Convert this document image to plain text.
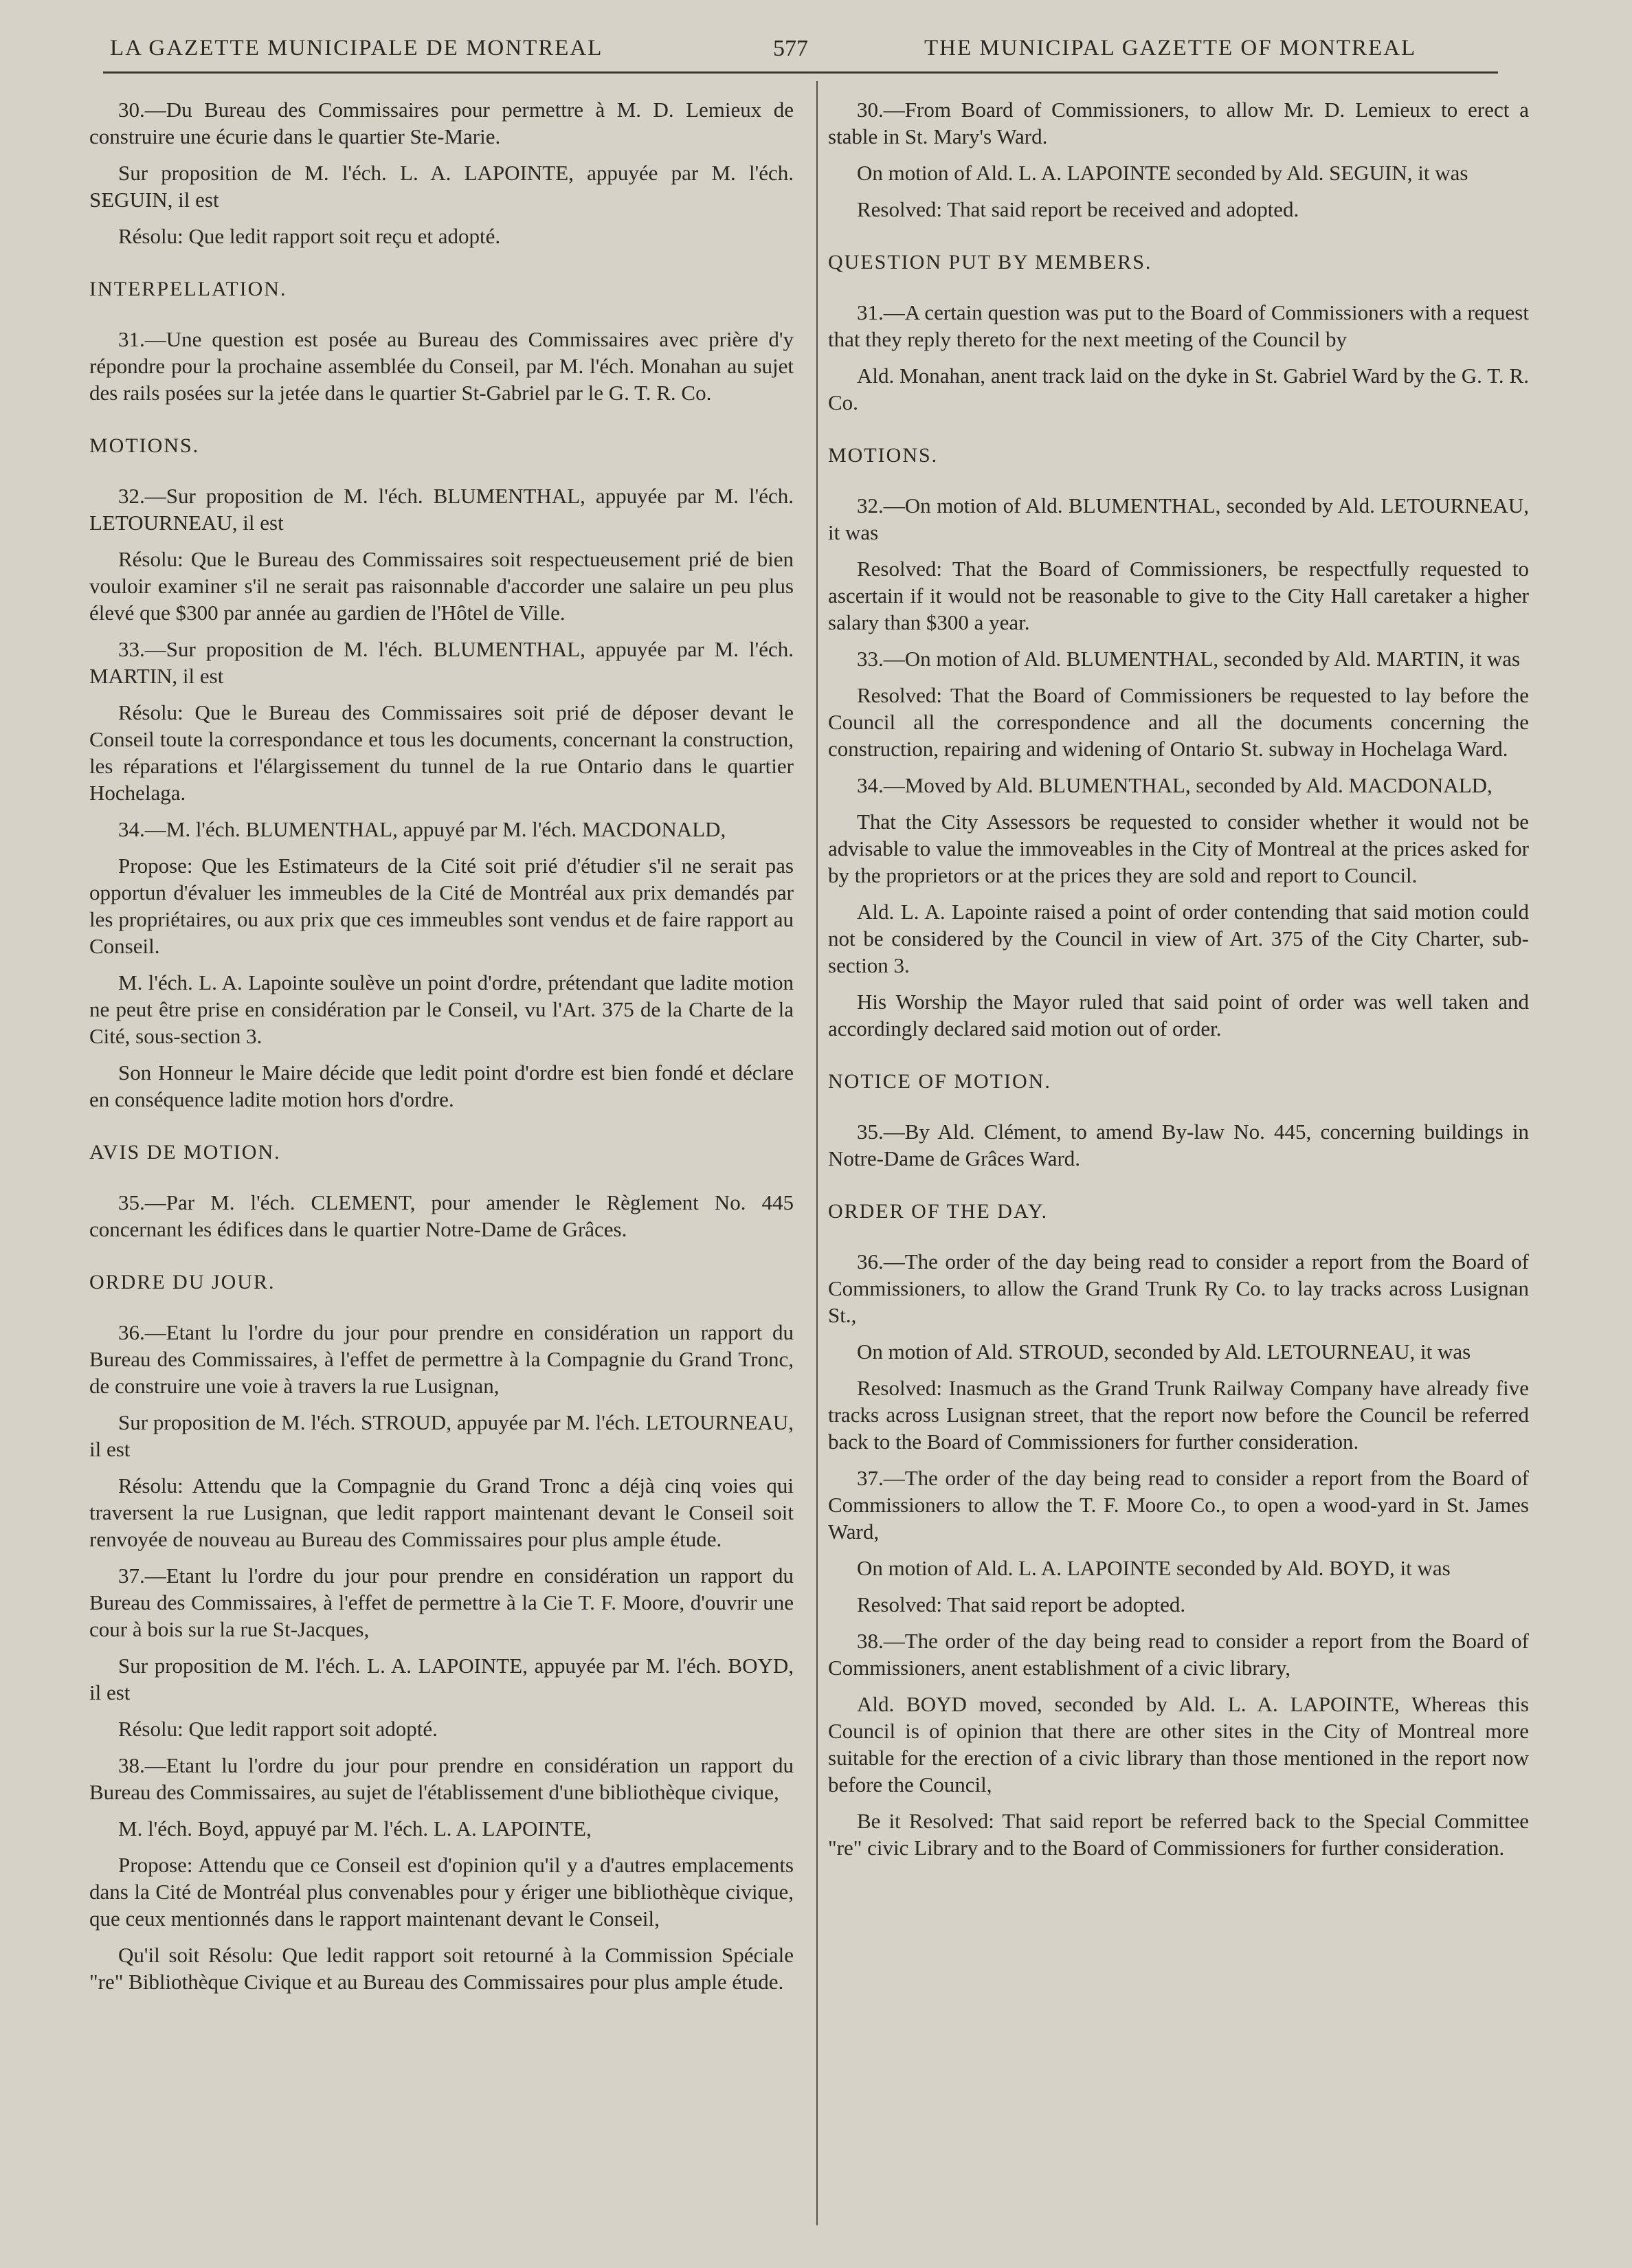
LA GAZETTE MUNICIPALE DE MONTREAL	577	THE MUNICIPAL GAZETTE OF MONTREAL
30.—Du Bureau des Commissaires pour permettre à M. D. Lemieux de construire une écurie dans le quartier Ste-Marie.
Sur proposition de M. l'éch. L. A. LAPOINTE, appuyée par M. l'éch. SEGUIN, il est
Résolu: Que ledit rapport soit reçu et adopté.
INTERPELLATION.
31.—Une question est posée au Bureau des Commissaires avec prière d'y répondre pour la prochaine assemblée du Conseil, par M. l'éch. Monahan au sujet des rails posées sur la jetée dans le quartier St-Gabriel par le G. T. R. Co.
MOTIONS.
32.—Sur proposition de M. l'éch. BLUMENTHAL, appuyée par M. l'éch. LETOURNEAU, il est
Résolu: Que le Bureau des Commissaires soit respectueusement prié de bien vouloir examiner s'il ne serait pas raisonnable d'accorder une salaire un peu plus élevé que $300 par année au gardien de l'Hôtel de Ville.
33.—Sur proposition de M. l'éch. BLUMENTHAL, appuyée par M. l'éch. MARTIN, il est
Résolu: Que le Bureau des Commissaires soit prié de déposer devant le Conseil toute la correspondance et tous les documents, concernant la construction, les réparations et l'élargissement du tunnel de la rue Ontario dans le quartier Hochelaga.
34.—M. l'éch. BLUMENTHAL, appuyé par M. l'éch. MACDONALD,
Propose: Que les Estimateurs de la Cité soit prié d'étudier s'il ne serait pas opportun d'évaluer les immeubles de la Cité de Montréal aux prix demandés par les propriétaires, ou aux prix que ces immeubles sont vendus et de faire rapport au Conseil.
M. l'éch. L. A. Lapointe soulève un point d'ordre, prétendant que ladite motion ne peut être prise en considération par le Conseil, vu l'Art. 375 de la Charte de la Cité, sous-section 3.
Son Honneur le Maire décide que ledit point d'ordre est bien fondé et déclare en conséquence ladite motion hors d'ordre.
AVIS DE MOTION.
35.—Par M. l'éch. CLEMENT, pour amender le Règlement No. 445 concernant les édifices dans le quartier Notre-Dame de Grâces.
ORDRE DU JOUR.
36.—Etant lu l'ordre du jour pour prendre en considération un rapport du Bureau des Commissaires, à l'effet de permettre à la Compagnie du Grand Tronc, de construire une voie à travers la rue Lusignan,
Sur proposition de M. l'éch. STROUD, appuyée par M. l'éch. LETOURNEAU, il est
Résolu: Attendu que la Compagnie du Grand Tronc a déjà cinq voies qui traversent la rue Lusignan, que ledit rapport maintenant devant le Conseil soit renvoyée de nouveau au Bureau des Commissaires pour plus ample étude.
37.—Etant lu l'ordre du jour pour prendre en considération un rapport du Bureau des Commissaires, à l'effet de permettre à la Cie T. F. Moore, d'ouvrir une cour à bois sur la rue St-Jacques,
Sur proposition de M. l'éch. L. A. LAPOINTE, appuyée par M. l'éch. BOYD, il est
Résolu: Que ledit rapport soit adopté.
38.—Etant lu l'ordre du jour pour prendre en considération un rapport du Bureau des Commissaires, au sujet de l'établissement d'une bibliothèque civique,
M. l'éch. Boyd, appuyé par M. l'éch. L. A. LAPOINTE,
Propose: Attendu que ce Conseil est d'opinion qu'il y a d'autres emplacements dans la Cité de Montréal plus convenables pour y ériger une bibliothèque civique, que ceux mentionnés dans le rapport maintenant devant le Conseil,
Qu'il soit Résolu: Que ledit rapport soit retourné à la Commission Spéciale "re" Bibliothèque Civique et au Bureau des Commissaires pour plus ample étude.
30.—From Board of Commissioners, to allow Mr. D. Lemieux to erect a stable in St. Mary's Ward.
On motion of Ald. L. A. LAPOINTE seconded by Ald. SEGUIN, it was
Resolved: That said report be received and adopted.
QUESTION PUT BY MEMBERS.
31.—A certain question was put to the Board of Commissioners with a request that they reply thereto for the next meeting of the Council by
Ald. Monahan, anent track laid on the dyke in St. Gabriel Ward by the G. T. R. Co.
MOTIONS.
32.—On motion of Ald. BLUMENTHAL, seconded by Ald. LETOURNEAU, it was
Resolved: That the Board of Commissioners, be respectfully requested to ascertain if it would not be reasonable to give to the City Hall caretaker a higher salary than $300 a year.
33.—On motion of Ald. BLUMENTHAL, seconded by Ald. MARTIN, it was
Resolved: That the Board of Commissioners be requested to lay before the Council all the correspondence and all the documents concerning the construction, repairing and widening of Ontario St. subway in Hochelaga Ward.
34.—Moved by Ald. BLUMENTHAL, seconded by Ald. MACDONALD,
That the City Assessors be requested to consider whether it would not be advisable to value the immoveables in the City of Montreal at the prices asked for by the proprietors or at the prices they are sold and report to Council.
Ald. L. A. Lapointe raised a point of order contending that said motion could not be considered by the Council in view of Art. 375 of the City Charter, sub-section 3.
His Worship the Mayor ruled that said point of order was well taken and accordingly declared said motion out of order.
NOTICE OF MOTION.
35.—By Ald. Clément, to amend By-law No. 445, concerning buildings in Notre-Dame de Grâces Ward.
ORDER OF THE DAY.
36.—The order of the day being read to consider a report from the Board of Commissioners, to allow the Grand Trunk Ry Co. to lay tracks across Lusignan St.,
On motion of Ald. STROUD, seconded by Ald. LETOURNEAU, it was
Resolved: Inasmuch as the Grand Trunk Railway Company have already five tracks across Lusignan street, that the report now before the Council be referred back to the Board of Commissioners for further consideration.
37.—The order of the day being read to consider a report from the Board of Commissioners to allow the T. F. Moore Co., to open a wood-yard in St. James Ward,
On motion of Ald. L. A. LAPOINTE seconded by Ald. BOYD, it was
Resolved: That said report be adopted.
38.—The order of the day being read to consider a report from the Board of Commissioners, anent establishment of a civic library,
Ald. BOYD moved, seconded by Ald. L. A. LAPOINTE, Whereas this Council is of opinion that there are other sites in the City of Montreal more suitable for the erection of a civic library than those mentioned in the report now before the Council,
Be it Resolved: That said report be referred back to the Special Committee "re" civic Library and to the Board of Commissioners for further consideration.
